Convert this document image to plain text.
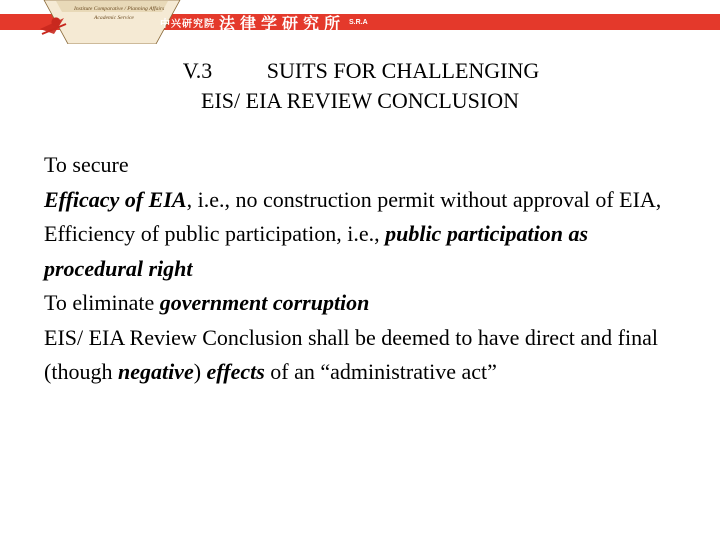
Institute Comparative / Planning Affairs
Academic Service
中兴研究院 法律学研究所 S.R.A
V.3 SUITS FOR CHALLENGING
EIS/ EIA REVIEW CONCLUSION

To secure

Efficacy of EIA, i.e., no construction permit without approval of EIA,

Efficiency of public participation, i.e., public participation as procedural right

To eliminate government corruption

EIS/ EIA Review Conclusion shall be deemed to have direct and final (though negative) effects of an “administrative act”
